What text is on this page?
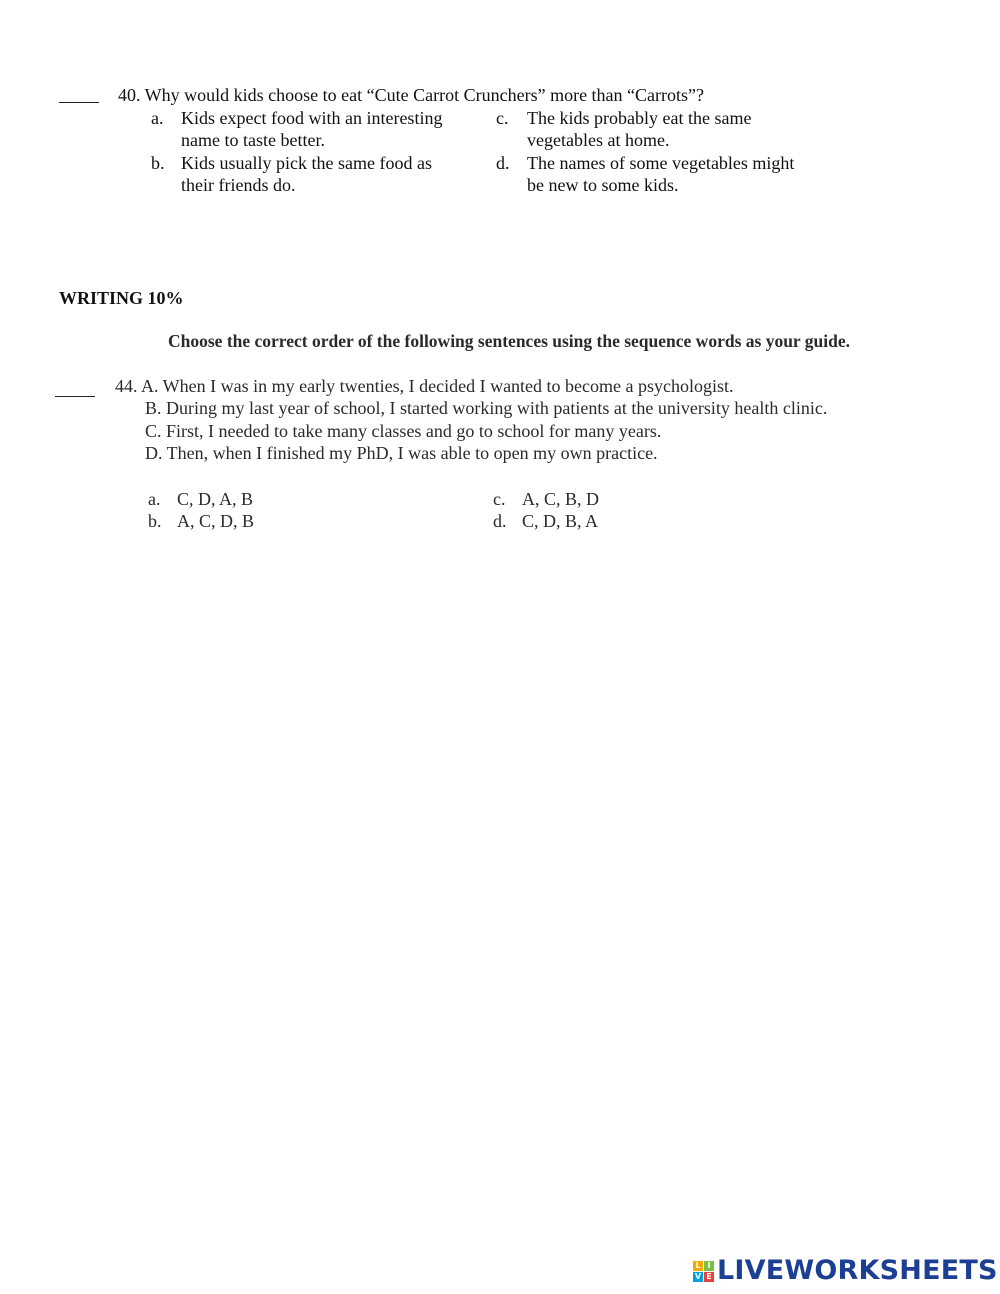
40. Why would kids choose to eat “Cute Carrot Crunchers” more than “Carrots”?
a. Kids expect food with an interesting
name to taste better.
b. Kids usually pick the same food as
their friends do.
c. The kids probably eat the same
vegetables at home.
d. The names of some vegetables might
be new to some kids.
WRITING 10%
Choose the correct order of the following sentences using the sequence words as your guide.
44. A. When I was in my early twenties, I decided I wanted to become a psychologist.
B. During my last year of school, I started working with patients at the university health clinic.
C. First, I needed to take many classes and go to school for many years.
D. Then, when I finished my PhD, I was able to open my own practice.
a. C, D, A, B
b. A, C, D, B
c. A, C, B, D
d. C, D, B, A
L I
V E LIVEWORKSHEETS
